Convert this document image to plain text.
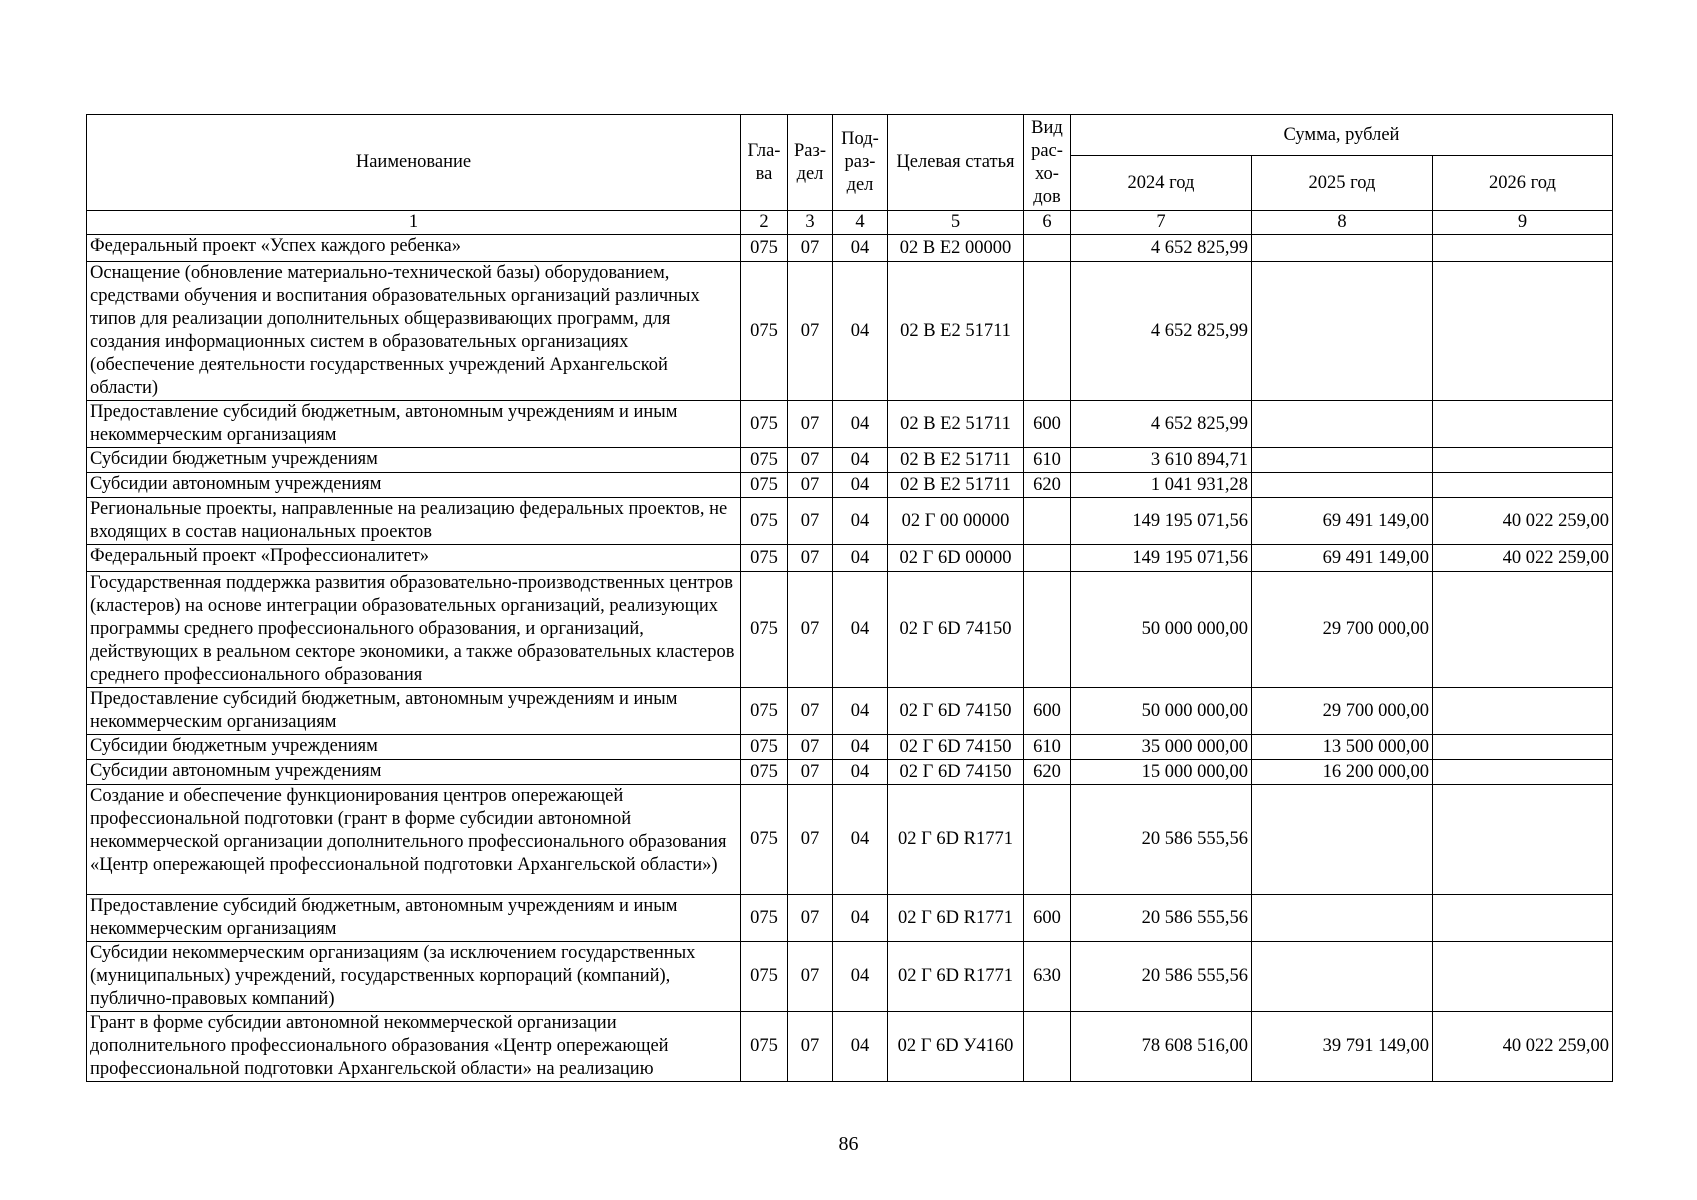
Наименование	Гла-ва	Раз-дел	Под-раз-дел	Целевая статья	Вид рас-хо-дов	Сумма, рублей		
						2024 год	2025 год	2026 год
1	2	3	4	5	6	7	8	9
Федеральный проект «Успех каждого ребенка»	075	07	04	02 В Е2 00000		4 652 825,99		
Оснащение (обновление материально-технической базы) оборудованием, средствами обучения и воспитания образовательных организаций различных типов для реализации дополнительных общеразвивающих программ, для создания информационных систем в образовательных организациях (обеспечение деятельности государственных учреждений Архангельской области)	075	07	04	02 В Е2 51711		4 652 825,99		
Предоставление субсидий бюджетным, автономным учреждениям и иным некоммерческим организациям	075	07	04	02 В Е2 51711	600	4 652 825,99		
Субсидии бюджетным учреждениям	075	07	04	02 В Е2 51711	610	3 610 894,71		
Субсидии автономным учреждениям	075	07	04	02 В Е2 51711	620	1 041 931,28		
Региональные проекты, направленные на реализацию федеральных проектов, не входящих в состав национальных проектов	075	07	04	02 Г 00 00000		149 195 071,56	69 491 149,00	40 022 259,00
Федеральный проект «Профессионалитет»	075	07	04	02 Г 6D 00000		149 195 071,56	69 491 149,00	40 022 259,00
Государственная поддержка развития образовательно-производственных центров (кластеров) на основе интеграции образовательных организаций, реализующих программы среднего профессионального образования, и организаций, действующих в реальном секторе экономики, а также образовательных кластеров среднего профессионального образования	075	07	04	02 Г 6D 74150		50 000 000,00	29 700 000,00	
Предоставление субсидий бюджетным, автономным учреждениям и иным некоммерческим организациям	075	07	04	02 Г 6D 74150	600	50 000 000,00	29 700 000,00	
Субсидии бюджетным учреждениям	075	07	04	02 Г 6D 74150	610	35 000 000,00	13 500 000,00	
Субсидии автономным учреждениям	075	07	04	02 Г 6D 74150	620	15 000 000,00	16 200 000,00	
Создание и обеспечение функционирования центров опережающей профессиональной подготовки (грант в форме субсидии автономной некоммерческой организации дополнительного профессионального образования «Центр опережающей профессиональной подготовки Архангельской области»)	075	07	04	02 Г 6D R1771		20 586 555,56		
Предоставление субсидий бюджетным, автономным учреждениям и иным некоммерческим организациям	075	07	04	02 Г 6D R1771	600	20 586 555,56		
Субсидии некоммерческим организациям (за исключением государственных (муниципальных) учреждений, государственных корпораций (компаний), публично-правовых компаний)	075	07	04	02 Г 6D R1771	630	20 586 555,56		
Грант в форме субсидии автономной некоммерческой организации дополнительного профессионального образования «Центр опережающей профессиональной подготовки Архангельской области» на реализацию	075	07	04	02 Г 6D У4160		78 608 516,00	39 791 149,00	40 022 259,00
86
